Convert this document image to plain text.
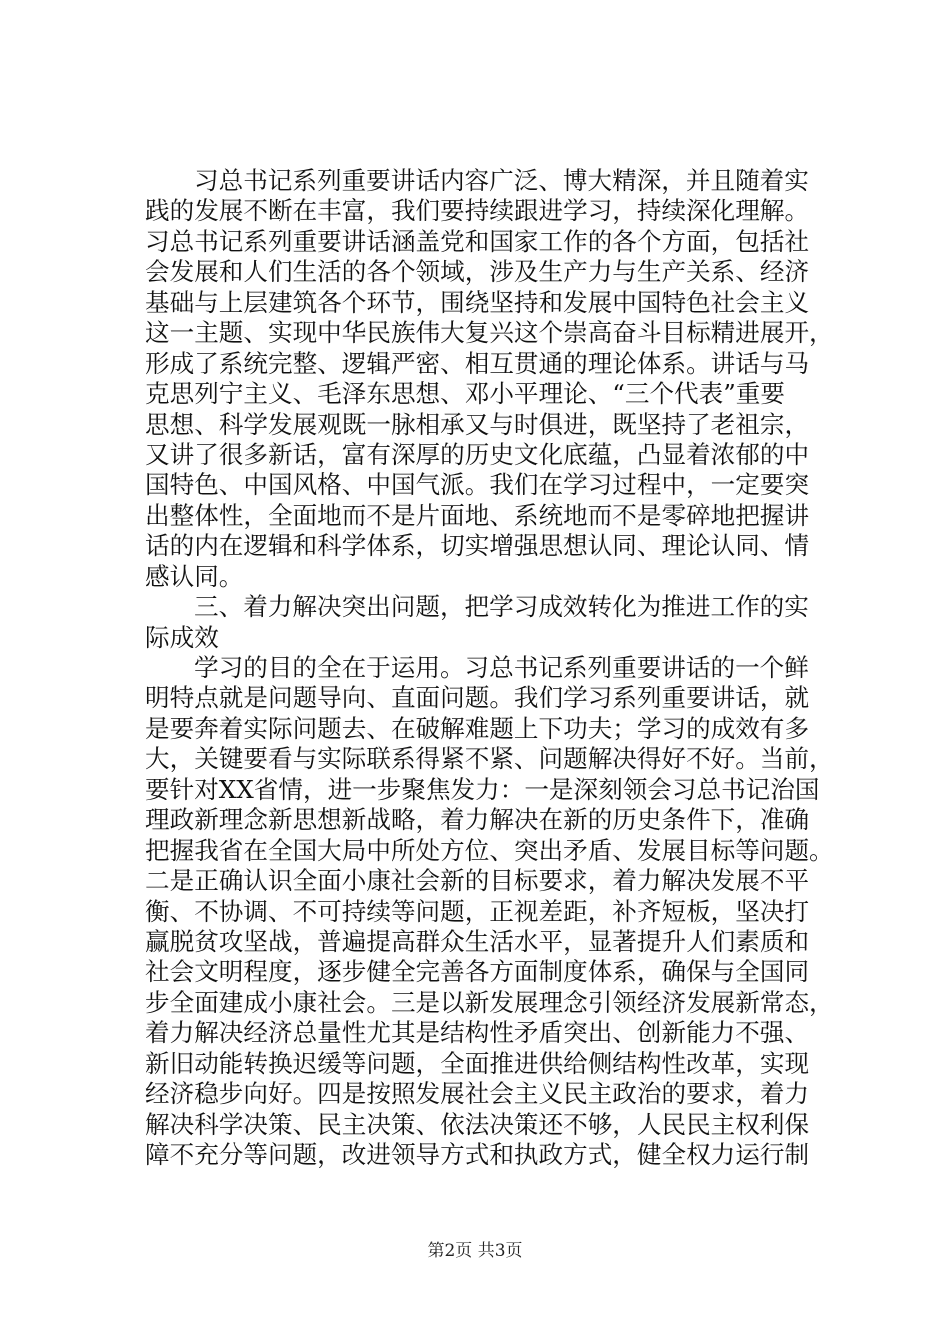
习总书记系列重要讲话内容广泛、博大精深，并且随着实
践的发展不断在丰富，我们要持续跟进学习，持续深化理解。
习总书记系列重要讲话涵盖党和国家工作的各个方面，包括社
会发展和人们生活的各个领域，涉及生产力与生产关系、经济
基础与上层建筑各个环节，围绕坚持和发展中国特色社会主义
这一主题、实现中华民族伟大复兴这个崇高奋斗目标精进展开，
形成了系统完整、逻辑严密、相互贯通的理论体系。讲话与马
克思列宁主义、毛泽东思想、邓小平理论、“三个代表”重要
思想、科学发展观既一脉相承又与时俱进，既坚持了老祖宗，
又讲了很多新话，富有深厚的历史文化底蕴，凸显着浓郁的中
国特色、中国风格、中国气派。我们在学习过程中，一定要突
出整体性，全面地而不是片面地、系统地而不是零碎地把握讲
话的内在逻辑和科学体系，切实增强思想认同、理论认同、情
感认同。
三、着力解决突出问题，把学习成效转化为推进工作的实
际成效
学习的目的全在于运用。习总书记系列重要讲话的一个鲜
明特点就是问题导向、直面问题。我们学习系列重要讲话，就
是要奔着实际问题去、在破解难题上下功夫；学习的成效有多
大，关键要看与实际联系得紧不紧、问题解决得好不好。当前，
要针对XX省情，进一步聚焦发力：一是深刻领会习总书记治国
理政新理念新思想新战略，着力解决在新的历史条件下，准确
把握我省在全国大局中所处方位、突出矛盾、发展目标等问题。
二是正确认识全面小康社会新的目标要求，着力解决发展不平
衡、不协调、不可持续等问题，正视差距，补齐短板，坚决打
赢脱贫攻坚战，普遍提高群众生活水平，显著提升人们素质和
社会文明程度，逐步健全完善各方面制度体系，确保与全国同
步全面建成小康社会。三是以新发展理念引领经济发展新常态，
着力解决经济总量性尤其是结构性矛盾突出、创新能力不强、
新旧动能转换迟缓等问题，全面推进供给侧结构性改革，实现
经济稳步向好。四是按照发展社会主义民主政治的要求，着力
解决科学决策、民主决策、依法决策还不够，人民民主权利保
障不充分等问题，改进领导方式和执政方式，健全权力运行制
第2页 共3页
